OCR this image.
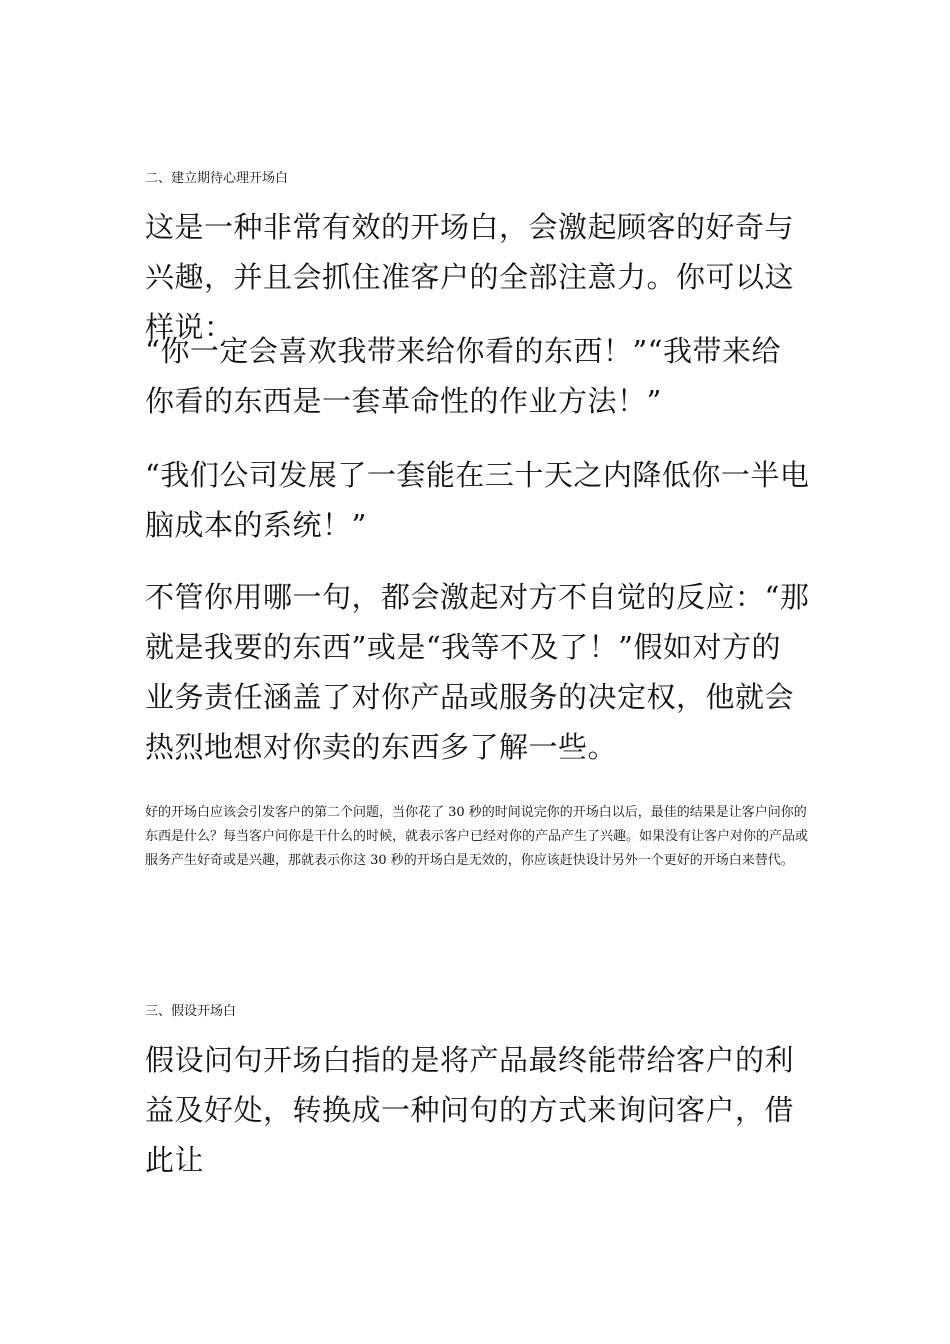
二、建立期待心理开场白

这是一种非常有效的开场白，会激起顾客的好奇与兴趣，并且会抓住准客户的全部注意力。你可以这样说：

“你一定会喜欢我带来给你看的东西！”“我带来给你看的东西是一套革命性的作业方法！”

“我们公司发展了一套能在三十天之内降低你一半电脑成本的系统！”

不管你用哪一句，都会激起对方不自觉的反应：“那就是我要的东西”或是“我等不及了！”假如对方的业务责任涵盖了对你产品或服务的决定权，他就会热烈地想对你卖的东西多了解一些。

好的开场白应该会引发客户的第二个问题，当你花了 30 秒的时间说完你的开场白以后，最佳的结果是让客户问你的东西是什么？每当客户问你是干什么的时候，就表示客户已经对你的产品产生了兴趣。如果没有让客户对你的产品或服务产生好奇或是兴趣，那就表示你这 30 秒的开场白是无效的，你应该赶快设计另外一个更好的开场白来替代。

三、假设开场白

假设问句开场白指的是将产品最终能带给客户的利益及好处，转换成一种问句的方式来询问客户，借此让
